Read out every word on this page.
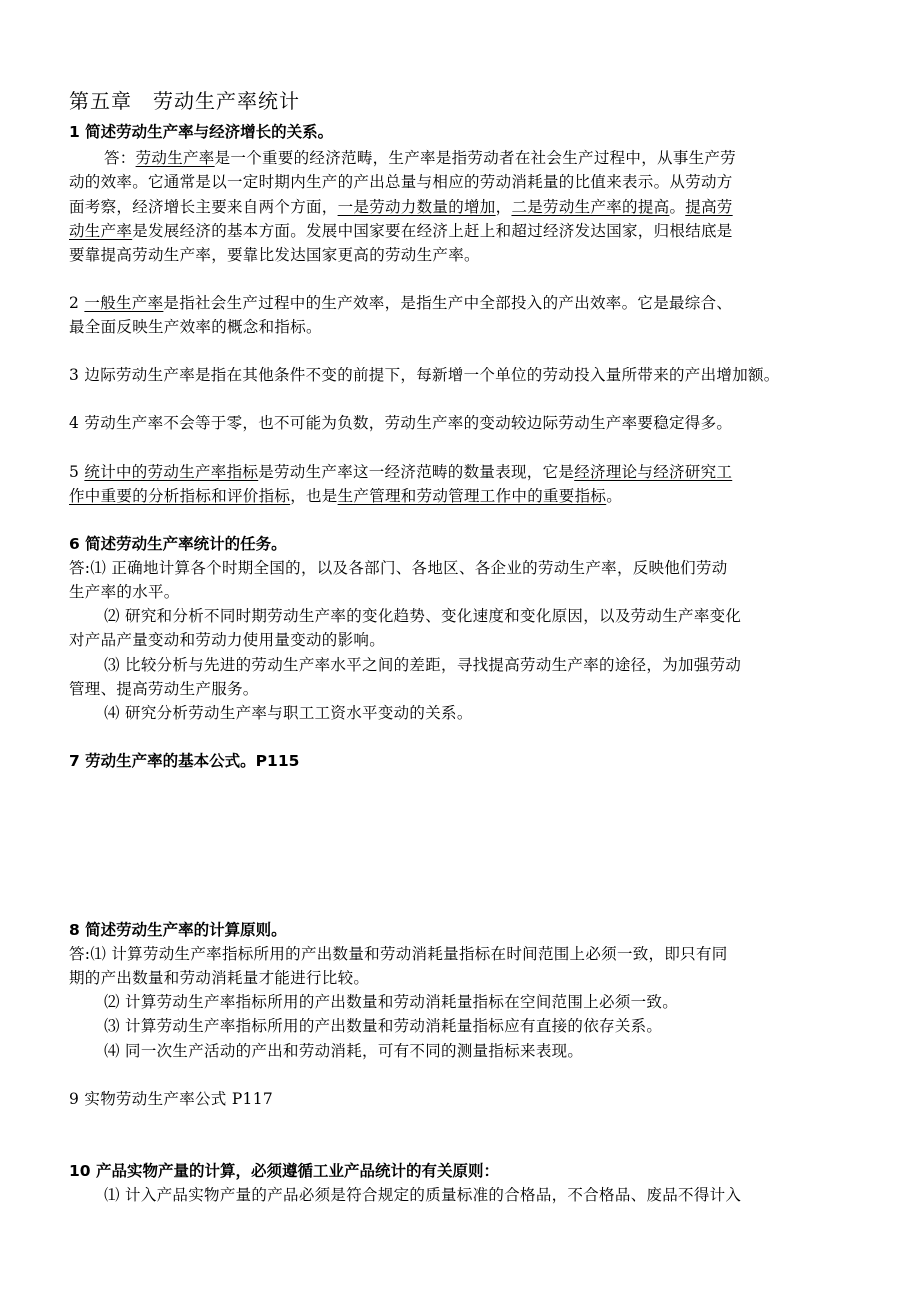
第五章　劳动生产率统计
1 简述劳动生产率与经济增长的关系。
答：劳动生产率是一个重要的经济范畴，生产率是指劳动者在社会生产过程中，从事生产劳
动的效率。它通常是以一定时期内生产的产出总量与相应的劳动消耗量的比值来表示。从劳动方
面考察，经济增长主要来自两个方面，一是劳动力数量的增加，二是劳动生产率的提高。提高劳
动生产率是发展经济的基本方面。发展中国家要在经济上赶上和超过经济发达国家，归根结底是
要靠提高劳动生产率，要靠比发达国家更高的劳动生产率。
2 一般生产率是指社会生产过程中的生产效率，是指生产中全部投入的产出效率。它是最综合、
最全面反映生产效率的概念和指标。
3 边际劳动生产率是指在其他条件不变的前提下，每新增一个单位的劳动投入量所带来的产出增加额。
4 劳动生产率不会等于零，也不可能为负数，劳动生产率的变动较边际劳动生产率要稳定得多。
5 统计中的劳动生产率指标是劳动生产率这一经济范畴的数量表现，它是经济理论与经济研究工
作中重要的分析指标和评价指标，也是生产管理和劳动管理工作中的重要指标。
6 简述劳动生产率统计的任务。
答:⑴ 正确地计算各个时期全国的，以及各部门、各地区、各企业的劳动生产率，反映他们劳动
生产率的水平。
⑵ 研究和分析不同时期劳动生产率的变化趋势、变化速度和变化原因，以及劳动生产率变化
对产品产量变动和劳动力使用量变动的影响。
⑶ 比较分析与先进的劳动生产率水平之间的差距，寻找提高劳动生产率的途径，为加强劳动
管理、提高劳动生产服务。
⑷ 研究分析劳动生产率与职工工资水平变动的关系。
7 劳动生产率的基本公式。P115
8 简述劳动生产率的计算原则。
答:⑴ 计算劳动生产率指标所用的产出数量和劳动消耗量指标在时间范围上必须一致，即只有同
期的产出数量和劳动消耗量才能进行比较。
⑵ 计算劳动生产率指标所用的产出数量和劳动消耗量指标在空间范围上必须一致。
⑶ 计算劳动生产率指标所用的产出数量和劳动消耗量指标应有直接的依存关系。
⑷ 同一次生产活动的产出和劳动消耗，可有不同的测量指标来表现。
9 实物劳动生产率公式 P117
10 产品实物产量的计算，必须遵循工业产品统计的有关原则：
⑴ 计入产品实物产量的产品必须是符合规定的质量标准的合格品，不合格品、废品不得计入
